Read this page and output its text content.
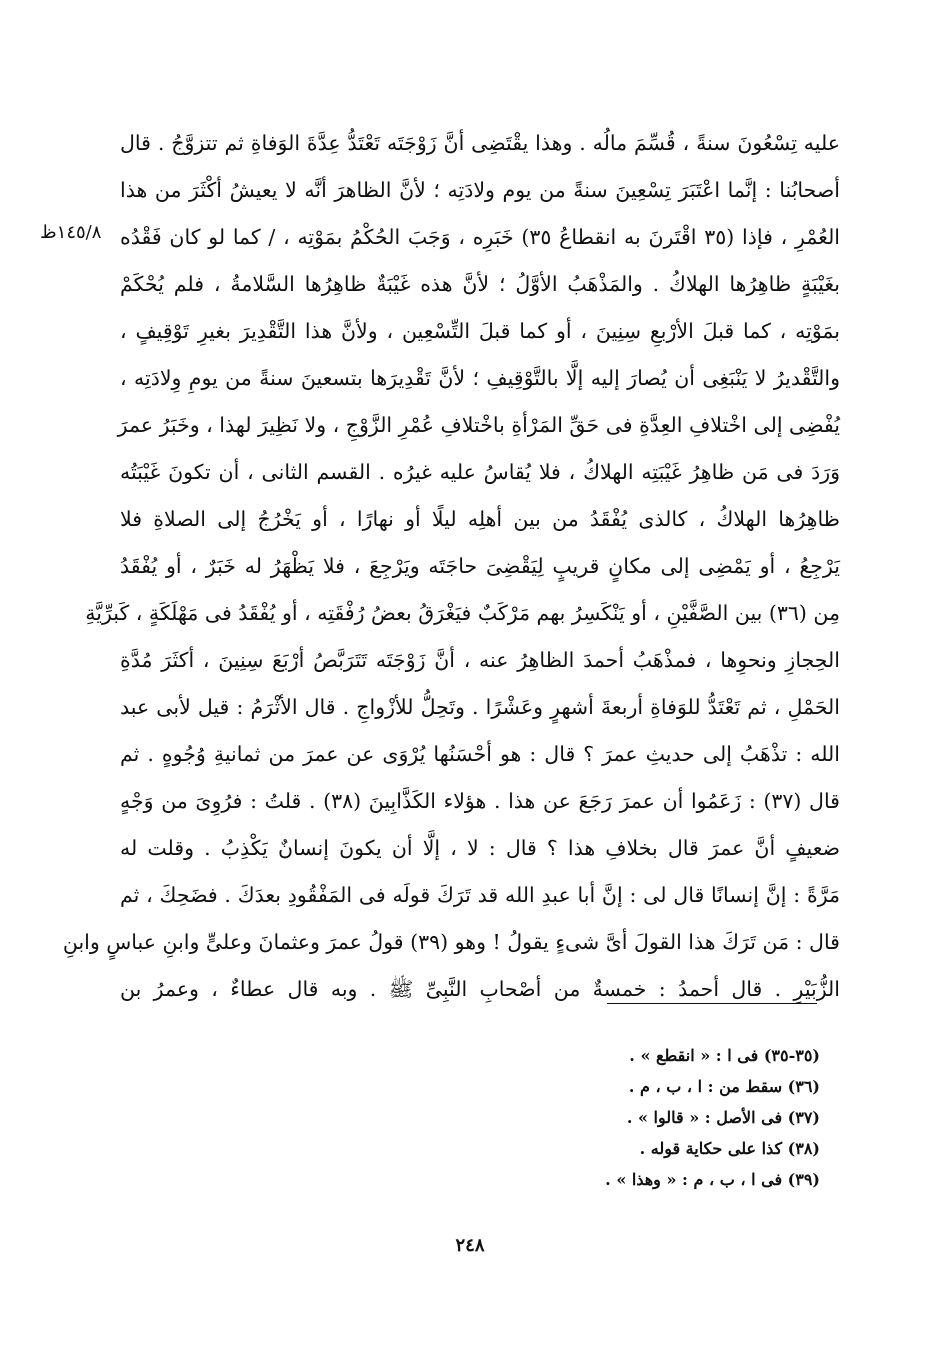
١٤٥/٨ظ
عليه تِسْعُونَ سنةً ، قُسِّمَ مالُه . وهذا يقْتَضِى أنَّ زَوْجَتَه تَعْتَدُّ عِدَّةَ الوَفاةِ ثم تتزوَّجُ . قال
أصحابُنا : إنَّما اعْتَبَرَ تِسْعِينَ سنةً من يوم ولادَتِه ؛ لأنَّ الظاهرَ أنَّه لا يعيشُ أكْثَرَ من هذا
العُمْرِ ، فإذا (٣٥ اقْتَرنَ به انقطاعُ ٣٥) خَبَرِه ، وَجَبَ الحُكْمُ بمَوْتِه ، / كما لو كان فَقْدُه
بغَيْبَةٍ ظاهِرُها الهلاكُ . والمَذْهَبُ الأوَّلُ ؛ لأنَّ هذه غَيْبَةٌ ظاهِرُها السَّلامةُ ، فلم يُحْكَمْ
بمَوْتِه ، كما قبلَ الأرْبعِ سِنِينَ ، أو كما قبلَ التِّسْعِين ، ولأنَّ هذا التَّقْدِيرَ بغيرِ تَوْقِيفٍ ،
والتَّقْديرُ لا يَنْبَغِى أن يُصارَ إليه إلَّا بالتَّوْقِيفِ ؛ لأنَّ تَقْدِيرَها بتسعينَ سنةً من يومِ وِلادَتِه ،
يُفْضِى إلى اخْتلافِ العِدَّةِ فى حَقِّ المَرْأةِ باخْتلافِ عُمْرِ الزَّوْجِ ، ولا نَظِيرَ لهذا ، وخَبَرُ عمرَ
وَرَدَ فى مَن ظاهِرُ غَيْبَتِه الهلاكُ ، فلا يُقاسُ عليه غيرُه . القسم الثانى ، أن تكونَ غَيْبَتُه
ظاهِرُها الهلاكُ ، كالذى يُفْقَدُ من بين أهلِه ليلًا أو نهارًا ، أو يَخْرُجُ إلى الصلاةِ فلا
يَرْجِعُ ، أو يَمْضِى إلى مكانٍ قريبٍ لِيَقْضِىَ حاجَتَه ويَرْجِعَ ، فلا يَظْهَرُ له خَبَرٌ ، أو يُفْقَدُ
مِن (٣٦) بين الصَّفَّيْنِ ، أو يَنْكَسِرُ بهم مَرْكَبٌ فيَغْرَقُ بعضُ رُفْقَتِه ، أو يُفْقَدُ فى مَهْلَكَةٍ ، كَبرِّيَّةِ
الحِجازِ ونحوِها ، فمذْهَبُ أحمدَ الظاهِرُ عنه ، أنَّ زَوْجَتَه تَتَرَبَّصُ أرْبَعَ سِنِينَ ، أكثَرَ مُدَّةِ
الحَمْلِ ، ثم تَعْتَدُّ للوَفاةِ أربعةَ أشهرٍ وعَشْرًا . وتَحِلُّ للأزْواجِ . قال الأثْرَمُ : قيل لأبى عبد
الله : تذْهَبُ إلى حديثِ عمرَ ؟ قال : هو أحْسَنُها يُرْوَى عن عمرَ من ثمانيةِ وُجُوهٍ . ثم
قال (٣٧) : زَعَمُوا أن عمرَ رَجَعَ عن هذا . هؤلاء الكَذَّابِينَ (٣٨) . قلتُ : فرُوِىَ من وَجْهٍ
ضعيفٍ أنَّ عمرَ قال بخلافِ هذا ؟ قال : لا ، إلَّا أن يكونَ إنسانٌ يَكْذِبُ . وقلت له
مَرَّةً : إنَّ إنسانًا قال لى : إنَّ أبا عبدِ الله قد تَرَكَ قولَه فى المَفْقُودِ بعدَكَ . فضَحِكَ ، ثم
قال : مَن تَرَكَ هذا القولَ أىَّ شىءٍ يقولُ ! وهو (٣٩) قولُ عمرَ وعثمانَ وعلىٍّ وابنِ عباسٍ وابنِ
الزُّبَيْرِ . قال أحمدُ : خمسةٌ من أصْحابِ النَّبِىِّ ﷺ . وبه قال عطاءٌ ، وعمرُ بن
(٣٥-٣٥) فى ا : « انقطع » .
(٣٦) سقط من : ا ، ب ، م .
(٣٧) فى الأصل : « قالوا » .
(٣٨) كذا على حكاية قوله .
(٣٩) فى ا ، ب ، م : « وهذا » .
٢٤٨
